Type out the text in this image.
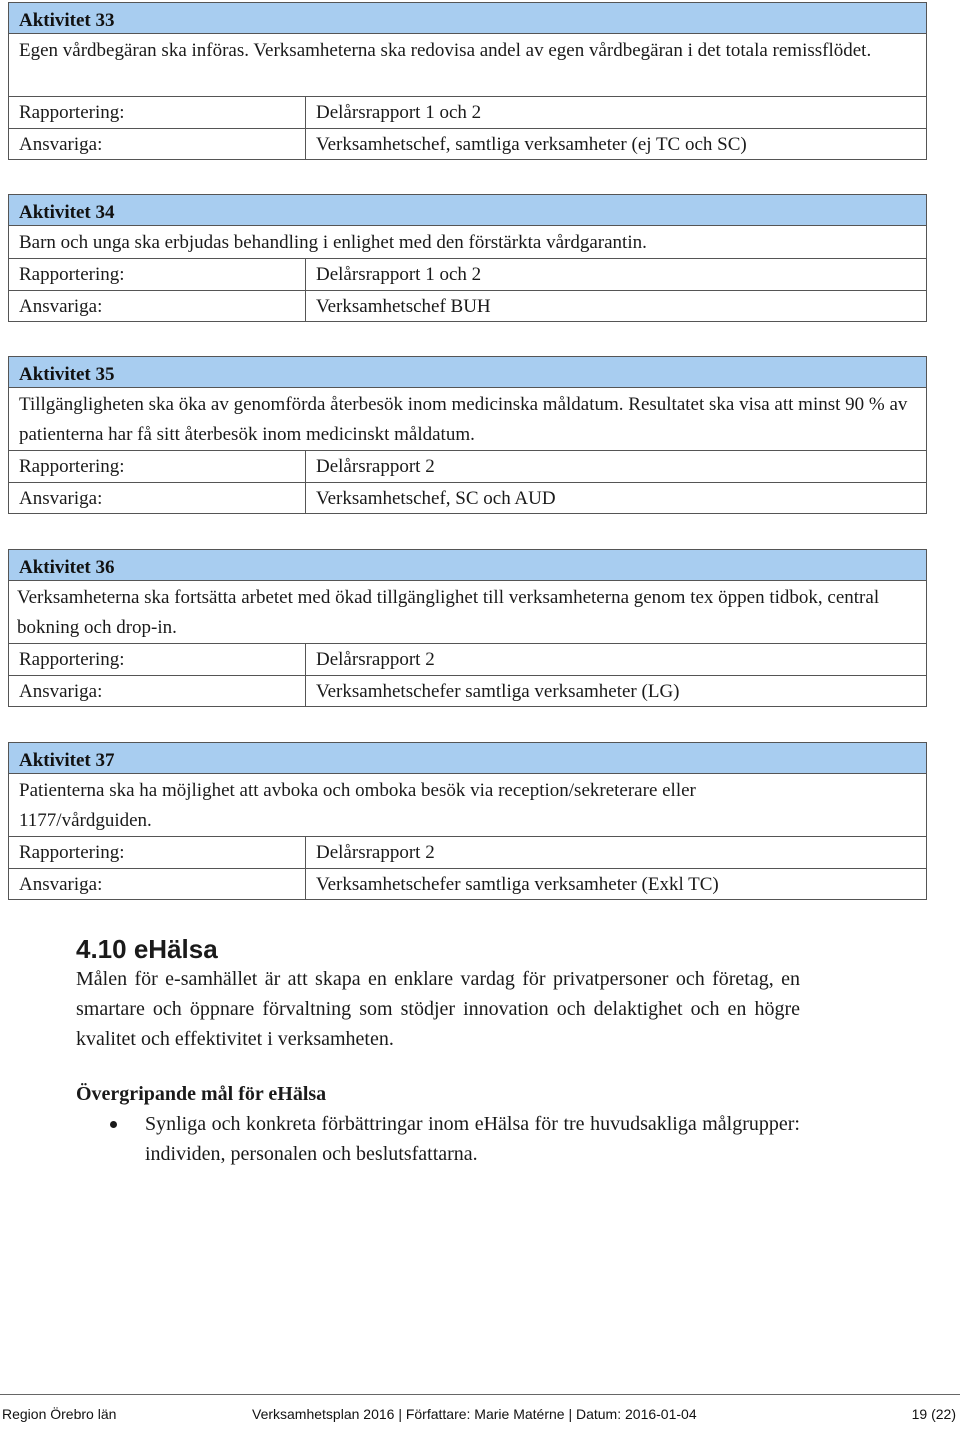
Aktivitet 33
Egen vårdbegäran ska införas. Verksamheterna ska redovisa andel av egen vårdbegäran i det totala remissflödet.
Rapportering:	Delårsrapport 1 och 2
Ansvariga:	Verksamhetschef, samtliga verksamheter (ej TC och SC)
Aktivitet 34
Barn och unga ska erbjudas behandling i enlighet med den förstärkta vårdgarantin.
Rapportering:	Delårsrapport 1 och 2
Ansvariga:	Verksamhetschef BUH
Aktivitet 35
Tillgängligheten ska öka av genomförda återbesök inom medicinska måldatum. Resultatet ska visa att minst 90 % av patienterna har få sitt återbesök inom medicinskt måldatum.
Rapportering:	Delårsrapport 2
Ansvariga:	Verksamhetschef, SC och AUD
Aktivitet 36
Verksamheterna ska fortsätta arbetet med ökad tillgänglighet till verksamheterna genom tex öppen tidbok, central bokning och drop-in.
Rapportering:	Delårsrapport 2
Ansvariga:	Verksamhetschefer samtliga verksamheter (LG)
Aktivitet 37
Patienterna ska ha möjlighet att avboka och omboka besök via reception/sekreterare eller 1177/vårdguiden.
Rapportering:	Delårsrapport 2
Ansvariga:	Verksamhetschefer samtliga verksamheter (Exkl TC)
4.10 eHälsa

Målen för e-samhället är att skapa en enklare vardag för privatpersoner och företag, en smartare och öppnare förvaltning som stödjer innovation och delaktighet och en högre kvalitet och effektivitet i verksamheten.

Övergripande mål för eHälsa
Synliga och konkreta förbättringar inom eHälsa för tre huvudsakliga målgrupper: individen, personalen och beslutsfattarna.
Region Örebro län	Verksamhetsplan 2016 | Författare: Marie Matérne | Datum: 2016-01-04	19 (22)
